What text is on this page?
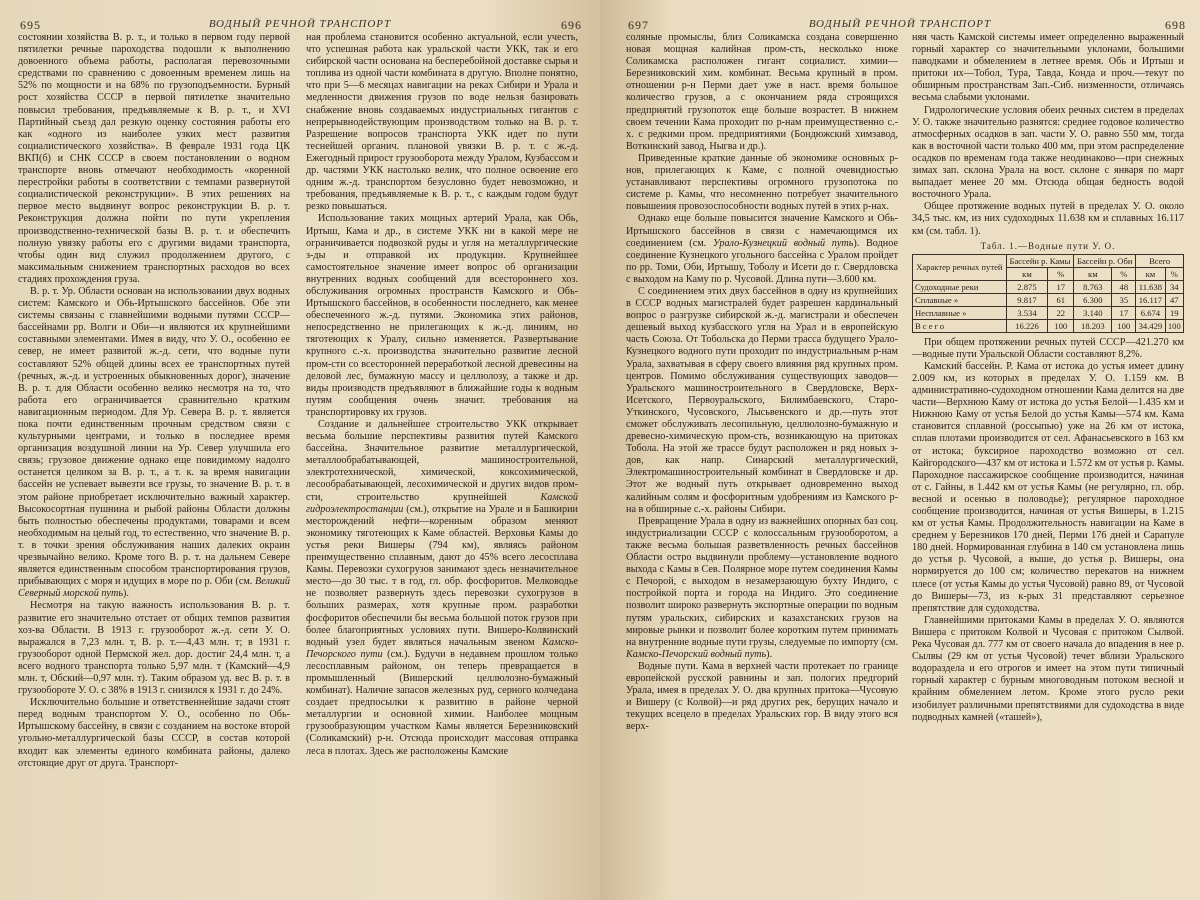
695	ВОДНЫЙ РЕЧНОЙ ТРАНСПОРТ	696

состоянии хозяйства В. р. т., и только в первом году первой пятилетки речные пароходства подошли к выполнению довоенного объема работы, располагая перевозочными средствами по сравнению с довоенным временем лишь на 52% по мощности и на 68% по грузоподъемности. Бурный рост хозяйства СССР в первой пятилетке значительно повысил требования, предъявляемые к В. р. т., и XVI Партийный съезд дал резкую оценку состояния работы его как «одного из наиболее узких мест развития социалистического хозяйства». В феврале 1931 года ЦК ВКП(б) и СНК СССР в своем постановлении о водном транспорте вновь отмечают необходимость «коренной перестройки работы в соответствии с темпами развернутой социалистической реконструкции». В этих решениях на первое место выдвинут вопрос реконструкции В. р. т. Реконструкция должна пойти по пути укрепления производственно-технической базы В. р. т. и обеспечить полную увязку работы его с другими видами транспорта, чтобы один вид служил продолжением другого, с максимальным снижением транспортных расходов во всех стадиях прохождения груза.

В. р. т. Ур. Области основан на использовании двух водных систем: Камского и Обь-Иртышского бассейнов. Обе эти системы связаны с главнейшими водными путями СССР—бассейнами рр. Волги и Оби—и являются их крупнейшими составными элементами. Имея в виду, что У. О., особенно ее север, не имеет развитой ж.-д. сети, что водные пути составляют 52% общей длины всех ее транспортных путей (речных, ж.-д. и устроенных обыкновенных дорог), значение В. р. т. для Области особенно велико несмотря на то, что работа его ограничивается сравнительно кратким навигационным периодом. Для Ур. Севера В. р. т. является пока почти единственным прочным средством связи с культурными центрами, и только в последнее время организация воздушной линии на Ур. Север улучшила его связь; грузовое движение однако еще повидимому надолго останется целиком за В. р. т., а т. к. за время навигации бассейн не успевает вывезти все грузы, то значение В. р. т. в этом районе приобретает исключительно важный характер. Высокосортная пушнина и рыбой районы Области должны быть полностью обеспечены продуктами, товарами и всем необходимым на целый год, то естественно, что значение В. р. т. в точки зрения обслуживания наших далеких окраин чрезвычайно велико. Кроме того В. р. т. на дальнем Севере является единственным способом транспортирования грузов, прибывающих с моря и идущих в море по р. Оби (см. Великий Северный морской путь).

Несмотря на такую важность использования В. р. т. развитие его значительно отстает от общих темпов развития хоз-ва Области. В 1913 г. грузооборот ж.-д. сети У. О. выражался в 7,23 млн. т, В. р. т.—4,43 млн. т; в 1931 г. грузооборот одной Пермской жел. дор. достиг 24,4 млн. т, а всего водного транспорта только 5,97 млн. т (Камский—4,9 млн. т, Обский—0,97 млн. т). Таким образом уд. вес В. р. т. в грузообороте У. О. с 38% в 1913 г. снизился к 1931 г. до 24%.

Исключительно большие и ответственнейшие задачи стоят перед водным транспортом У. О., особенно по Обь-Иртышскому бассейну, в связи с созданием на востоке второй угольно-металлургической базы СССР, в состав которой входит как элементы единого комбината районы, далеко отстоящие друг от друга. Транспорт-

ная проблема становится особенно актуальной, если учесть, что успешная работа как уральской части УКК, так и его сибирской части основана на бесперебойной доставке сырья и топлива из одной части комбината в другую. Вполне понятно, что при 5—6 месяцах навигации на реках Сибири и Урала и медленности движения грузов по воде нельзя базировать снабжение вновь создаваемых индустриальных гигантов с непрерывнодействующим производством только на В. р. т. Разрешение вопросов транспорта УКК идет по пути теснейшей органич. плановой увязки В. р. т. с ж.-д. Ежегодный прирост грузооборота между Уралом, Кузбассом и др. частями УКК настолько велик, что полное освоение его одним ж.-д. транспортом безусловно будет невозможно, и требования, предъявляемые к В. р. т., с каждым годом будут резко повышаться.

Использование таких мощных артерий Урала, как Обь, Иртыш, Кама и др., в системе УКК ни в какой мере не ограничивается подвозкой руды и угля на металлургические з-ды и отправкой их продукции. Крупнейшее самостоятельное значение имеет вопрос об организации внутренних водных сообщений для всестороннего хоз. обслуживания огромных пространств Камского и Обь-Иртышского бассейнов, в особенности последнего, как менее обеспеченного ж.-д. путями. Экономика этих районов, непосредственно не прилегающих к ж.-д. линиям, но тяготеющих к Уралу, сильно изменяется. Развертывание крупного с.-х. производства значительно развитие лесной пром-сти со всесторонней переработкой лесной древесины на деловой лес, бумажную массу и целлюлозу, а также и др. виды производств предъявляют в ближайшие годы к водным путям сообщения очень значит. требования на транспортировку их грузов.

Создание и дальнейшее строительство УКК открывает весьма большие перспективы развития путей Камского бассейна. Значительное развитие металлургической, металлообрабатывающей, машиностроительной, электротехнической, химической, коксохимической, лесообрабатывающей, лесохимической и других видов пром-сти, строительство крупнейшей	Камской гидроэлектростанции (см.), открытие на Урале и в Башкирии месторождений нефти—коренным образом меняют экономику тяготеющих к Каме областей. Верховья Камы до устья реки Вишеры (794 км), являясь районом преимущественно сплавным, дают до 45% всего лесосплава Камы. Перевозки сухогрузов занимают здесь незначительное место—до 30 тыс. т в год, гл. обр. фосфоритов. Мелководье не позволяет развернуть здесь перевозки сухогрузов в больших размерах, хотя крупные пром. разработки фосфоритов обеспечили бы весьма большой поток грузов при более благоприятных условиях пути. Вишеро-Колвинский водный узел будет являться начальным звеном Камско-Печорского пути (см.). Будучи в недавнем прошлом только лесосплавным районом, он теперь превращается в промышленный (Вишерский целлюлозно-бумажный комбинат). Наличие запасов железных руд, серного колчедана создает предпосылки к развитию в районе черной металлургии и основной химии. Наиболее мощным грузообразующим участком Камы является Березниковский (Соликамский) р-н. Отсюда происходит массовая отправка леса в плотах. Здесь же расположены Камские

697	ВОДНЫЙ РЕЧНОЙ ТРАНСПОРТ	698

соляные промыслы, близ Соликамска создана совершенно новая мощная калийная пром-сть, несколько ниже Соликамска расположен гигант социалист. химии—Березниковский хим. комбинат. Весьма крупный в пром. отношении р-н Перми дает уже в наст. время большое количество грузов, а с окончанием ряда строящихся предприятий грузопоток еще больше возрастет. В нижнем своем течении Кама проходит по р-нам преимущественно с.-х. с редкими пром. предприятиями (Бондюжский химзавод, Воткинский завод, Ныгва и др.).

Приведенные краткие данные об экономике основных р-нов, прилегающих к Каме, с полной очевидностью устанавливают перспективы огромного грузопотока по системе р. Камы, что несомненно потребует значительного повышения провозоспособности водных путей в этих р-нах.

Однако еще больше повысится значение Камского и Обь-Иртышского бассейнов в связи с намечающимся их соединением (см. Урало-Кузнецкий водный путь). Водное соединение Кузнецкого угольного бассейна с Уралом пройдет по рр. Томи, Оби, Иртышу, Тоболу и Исети до г. Свердловска с выходом на Каму по р. Чусовой. Длина пути—3.600 км.

С соединением этих двух бассейнов в одну из крупнейших в СССР водных магистралей будет разрешен кардинальный вопрос о разгрузке сибирской ж.-д. магистрали и обеспечен дешевый выход кузбасского угля на Урал и в европейскую часть Союза. От Тобольска до Перми трасса будущего Урало-Кузнецкого водного пути проходит по индустриальным р-нам Урала, захватывая в сферу своего влияния ряд крупных пром. центров. Помимо обслуживания существующих заводов—Уральского машиностроительного в Свердловске, Верх-Исетского, Первоуральского, Билимбаевского, Старо-Уткинского, Чусовского, Лысьвенского и др.—путь этот сможет обслуживать лесопильную, целлюлозно-бумажную и древесно-химическую пром-сть, возникающую на притоках Тобола. На этой же трассе будут расположен и ряд новых з-дов, как напр. Синарский металлургический, Электромашиностроительный комбинат в Свердловске и др. Этот же водный путь открывает одновременно выход калийным солям и фосфоритным удобрениям из Камского р-на в обширные с.-х. районы Сибири.

Превращение Урала в одну из важнейших опорных баз соц. индустриализации СССР с колоссальным грузооборотом, а также весьма большая разветвленность речных бассейнов Области остро выдвинули проблему—установление водного выхода с Камы в Сев. Полярное море путем соединения Камы с Печорой, с выходом в незамерзающую бухту Индиго, с постройкой порта и города на Индиго. Это соединение позволит широко развернуть экспортные операции по водным путям уральских, сибирских и казахстанских грузов на мировые рынки и позволит более коротким путем принимать на внутренние водные пути грузы, следуемые по импорту (см. Камско-Печорский водный путь).

Водные пути. Кама в верхней части протекает по границе европейской русской равнины и зап. пологих предгорий Урала, имея в пределах У. О. два крупных притока—Чусовую и Вишеру (с Колвой)—и ряд других рек, берущих начало и текущих всецело в пределах Уральских гор. В виду этого вся верх-

няя часть Камской системы имеет определенно выраженный горный характер со значительными уклонами, большими паводками и обмелением в летнее время. Обь и Иртыш и притоки их—Тобол, Тура, Тавда, Конда и проч.—текут по обширным пространствам Зап.-Сиб. низменности, отличаясь весьма слабыми уклонами.

Гидрологические условия обеих речных систем в пределах У. О. также значительно разнятся: среднее годовое количество атмосферных осадков в зап. части У. О. равно 550 мм, тогда как в восточной части только 400 мм, при этом распределение осадков по временам года также неодинаково—при снежных зимах зап. склона Урала на вост. склоне с января по март выпадает менее 20 мм. Отсюда общая бедность водой восточного Урала.

Общее протяжение водных путей в пределах У. О. около 34,5 тыс. км, из них судоходных 11.638 км и сплавных 16.117 км (см. табл. 1).

Табл. 1.—Водные пути У. О.
Характер речных путей	Бассейн р. Камы		Бассейн р. Оби		Всего	
	км	%	км	%	км	%
Судоходные реки	2.875	17	8.763	48	11.638	34
Сплавные »	9.817	61	6.300	35	16.117	47
Несплавные »	3.534	22	3.140	17	6.674	19
Всего	16.226	100	18.203	100	34.429	100

При общем протяжении речных путей СССР—421.270 км—водные пути Уральской Области составляют 8,2%.

Камский бассейн. Р. Кама от истока до устья имеет длину 2.009 км, из которых в пределах У. О. 1.159 км. В административно-судоходном отношении Кама делится на две части—Верхнюю Каму от истока до устья Белой—1.435 км и Нижнюю Каму от устья Белой до устья Камы—574 км. Кама становится сплавной (россыпью) уже на 26 км от истока, сплав плотами производится от сел. Афанасьевского в 163 км от истока; буксирное пароходство возможно от сел. Кайгородского—437 км от истока и 1.572 км от устья р. Камы. Пароходное пассажирское сообщение производится, начиная от с. Гайны, в 1.442 км от устья Камы (не регулярно, гл. обр. весной и осенью в половодье); регулярное пароходное сообщение производится, начиная от устья Вишеры, в 1.215 км от устья Камы. Продолжительность навигации на Каме в среднем у Березников 170 дней, Перми 176 дней и Сарапуле 180 дней. Нормированная глубина в 140 см установлена лишь до устья р. Чусовой, а выше, до устья р. Вишеры, она нормируется до 100 см; количество перекатов на нижнем плесе (от устья Камы до устья Чусовой) равно 89, от Чусовой до Вишеры—73, из к-рых 31 представляют серьезное препятствие для судоходства.

Главнейшими притоками Камы в пределах У. О. являются Вишера с притоком Колвой и Чусовая с притоком Сылвой. Река Чусовая дл. 777 км от своего начала до впадения в нее р. Сылвы (29 км от устья Чусовой) течет вблизи Уральского водораздела и его отрогов и имеет на этом пути типичный горный характер с бурным многоводным потоком весной и крайним обмелением летом. Кроме этого русло реки изобилует различными препятствиями для судоходства в виде подводных камней («ташей»),
